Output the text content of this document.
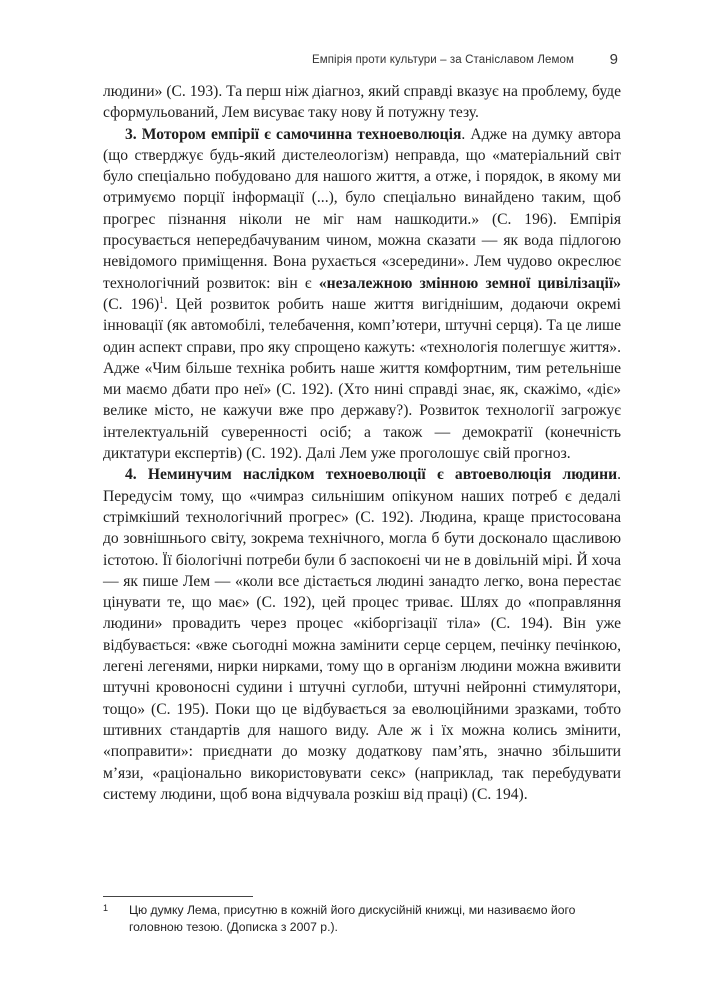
Емпірія проти культури – за Станіславом Лемом 9

людини» (С. 193). Та перш ніж діагноз, який справді вказує на проблему, буде сформульований, Лем висуває таку нову й потужну тезу.

3. Мотором емпірії є самочинна техноеволюція. Адже на думку автора (що стверджує будь-який дистелеологізм) неправда, що «матеріальний світ було спеціально побудовано для нашого життя, а отже, і порядок, в якому ми отримуємо порції інформації (...), було спеціально винайдено таким, щоб прогрес пізнання ніколи не міг нам нашкодити.» (С. 196). Емпірія просувається непередбачуваним чином, можна сказати — як вода підлогою невідомого приміщення. Вона рухається «зсередини». Лем чудово окреслює технологічний розвиток: він є «незалежною змінною земної цивілізації» (С. 196)$^1$. Цей розвиток робить наше життя вигіднішим, додаючи окремі інновації (як автомобілі, телебачення, комп’ютери, штучні серця). Та це лише один аспект справи, про яку спрощено кажуть: «технологія полегшує життя». Адже «Чим більше техніка робить наше життя комфортним, тим ретельніше ми маємо дбати про неї» (С. 192). (Хто нині справді знає, як, скажімо, «діє» велике місто, не кажучи вже про державу?). Розвиток технології загрожує інтелектуальній суверенності осіб; а також — демократії (конечність диктатури експертів) (С. 192). Далі Лем уже проголошує свій прогноз.

4. Неминучим наслідком техноеволюції є автоеволюція людини. Передусім тому, що «чимраз сильнішим опікуном наших потреб є дедалі стрімкіший технологічний прогрес» (С. 192). Людина, краще пристосована до зовнішнього світу, зокрема технічного, могла б бути досконало щасливою істотою. Її біологічні потреби були б заспокоєні чи не в довільній мірі. Й хоча — як пише Лем — «коли все дістається людині занадто легко, вона перестає цінувати те, що має» (С. 192), цей процес триває. Шлях до «поправляння людини» провадить через процес «кіборгізації тіла» (С. 194). Він уже відбувається: «вже сьогодні можна замінити серце серцем, печінку печінкою, легені легенями, нирки нирками, тому що в організм людини можна вживити штучні кровоносні судини і штучні суглоби, штучні нейронні стимулятори, тощо» (С. 195). Поки що це відбувається за еволюційними зразками, тобто штивних стандартів для нашого виду. Але ж і їх можна колись змінити, «поправити»: приєднати до мозку додаткову пам’ять, значно збільшити м’язи, «раціонально використовувати секс» (наприклад, так перебудувати систему людини, щоб вона відчувала розкіш від праці) (С. 194).

1 Цю думку Лема, присутню в кожній його дискусійній книжці, ми називаємо його головною тезою. (Дописка з 2007 р.).
